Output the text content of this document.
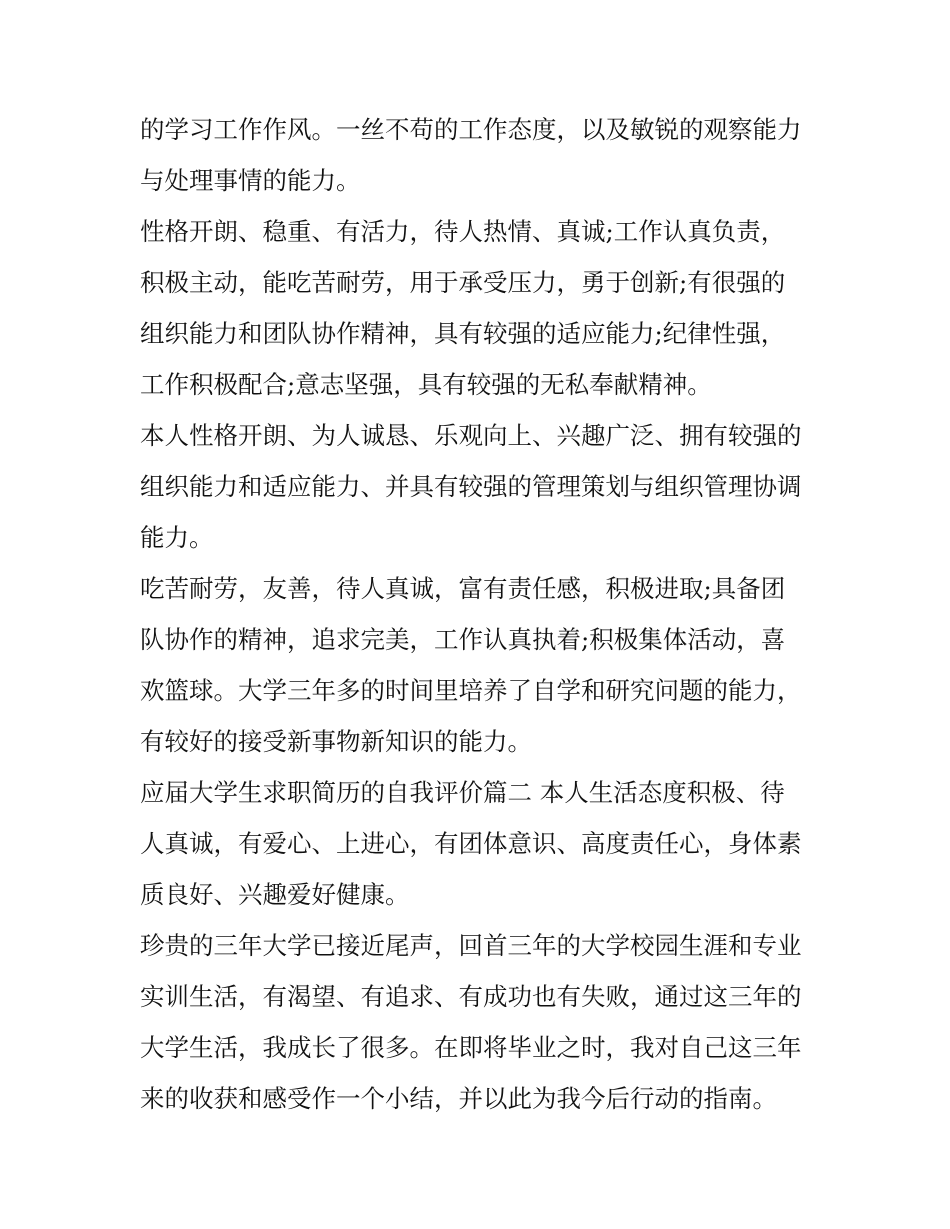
的学习工作作风。一丝不苟的工作态度，以及敏锐的观察能力
与处理事情的能力。
性格开朗、稳重、有活力，待人热情、真诚;工作认真负责，
积极主动，能吃苦耐劳，用于承受压力，勇于创新;有很强的
组织能力和团队协作精神，具有较强的适应能力;纪律性强，
工作积极配合;意志坚强，具有较强的无私奉献精神。
本人性格开朗、为人诚恳、乐观向上、兴趣广泛、拥有较强的
组织能力和适应能力、并具有较强的管理策划与组织管理协调
能力。
吃苦耐劳，友善，待人真诚，富有责任感，积极进取;具备团
队协作的精神，追求完美，工作认真执着;积极集体活动，喜
欢篮球。大学三年多的时间里培养了自学和研究问题的能力，
有较好的接受新事物新知识的能力。
应届大学生求职简历的自我评价篇二 本人生活态度积极、待
人真诚，有爱心、上进心，有团体意识、高度责任心，身体素
质良好、兴趣爱好健康。
珍贵的三年大学已接近尾声，回首三年的大学校园生涯和专业
实训生活，有渴望、有追求、有成功也有失败，通过这三年的
大学生活，我成长了很多。在即将毕业之时，我对自己这三年
来的收获和感受作一个小结，并以此为我今后行动的指南。
